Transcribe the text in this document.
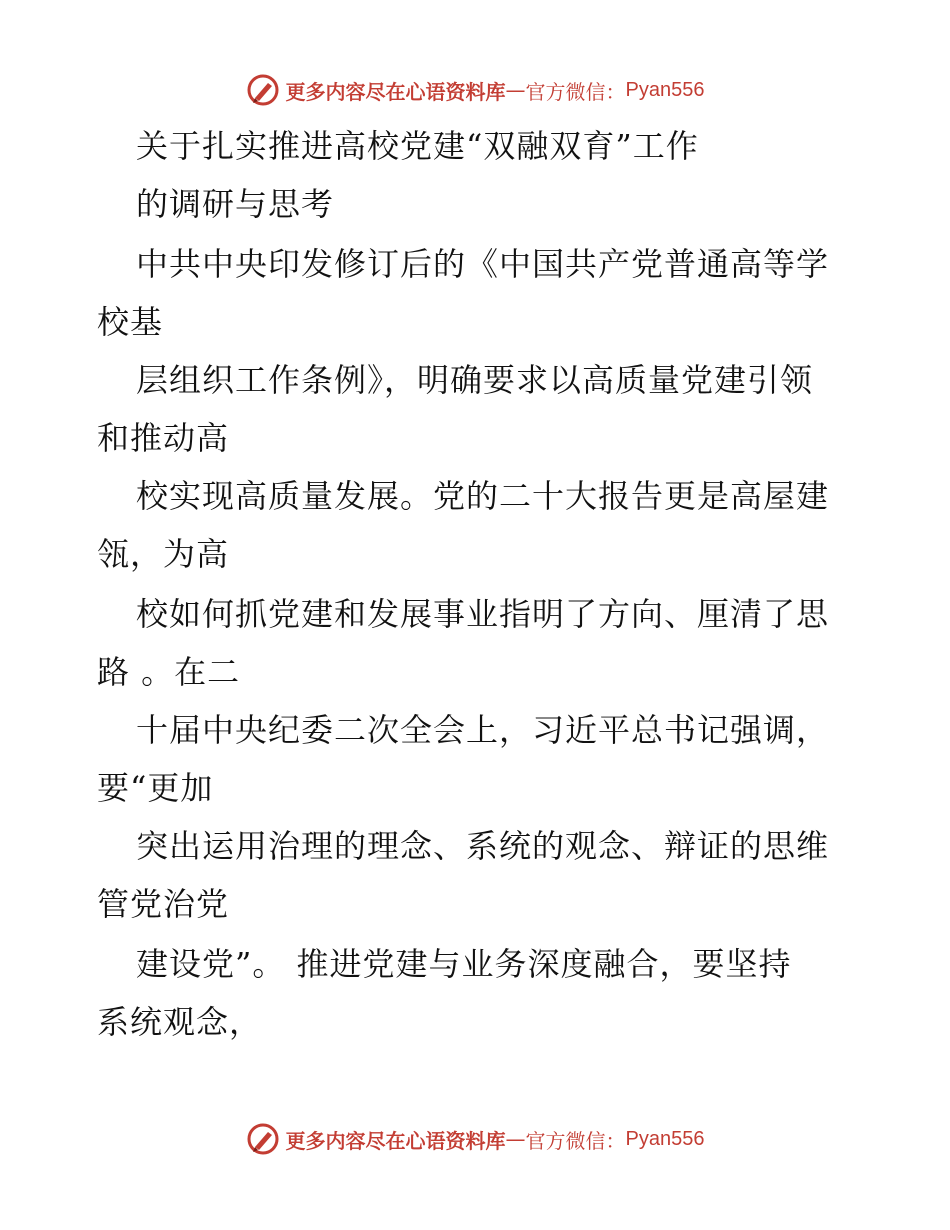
更多内容尽在心语资料库 — 官方微信： Pyan556
关于扎实推进高校党建“双融双育”工作
的调研与思考
中共中央印发修订后的《中国共产党普通高等学
校基
层组织工作条例》，明确要求以高质量党建引领
和推动高
校实现高质量发展。党的二十大报告更是高屋建
瓴，为高
校如何抓党建和发展事业指明了方向、厘清了思
路 。在二
十届中央纪委二次全会上，习近平总书记强调，
要“更加
突出运用治理的理念、系统的观念、辩证的思维
管党治党
建设党”。 推进党建与业务深度融合，要坚持
系统观念，
更多内容尽在心语资料库 — 官方微信： Pyan556
